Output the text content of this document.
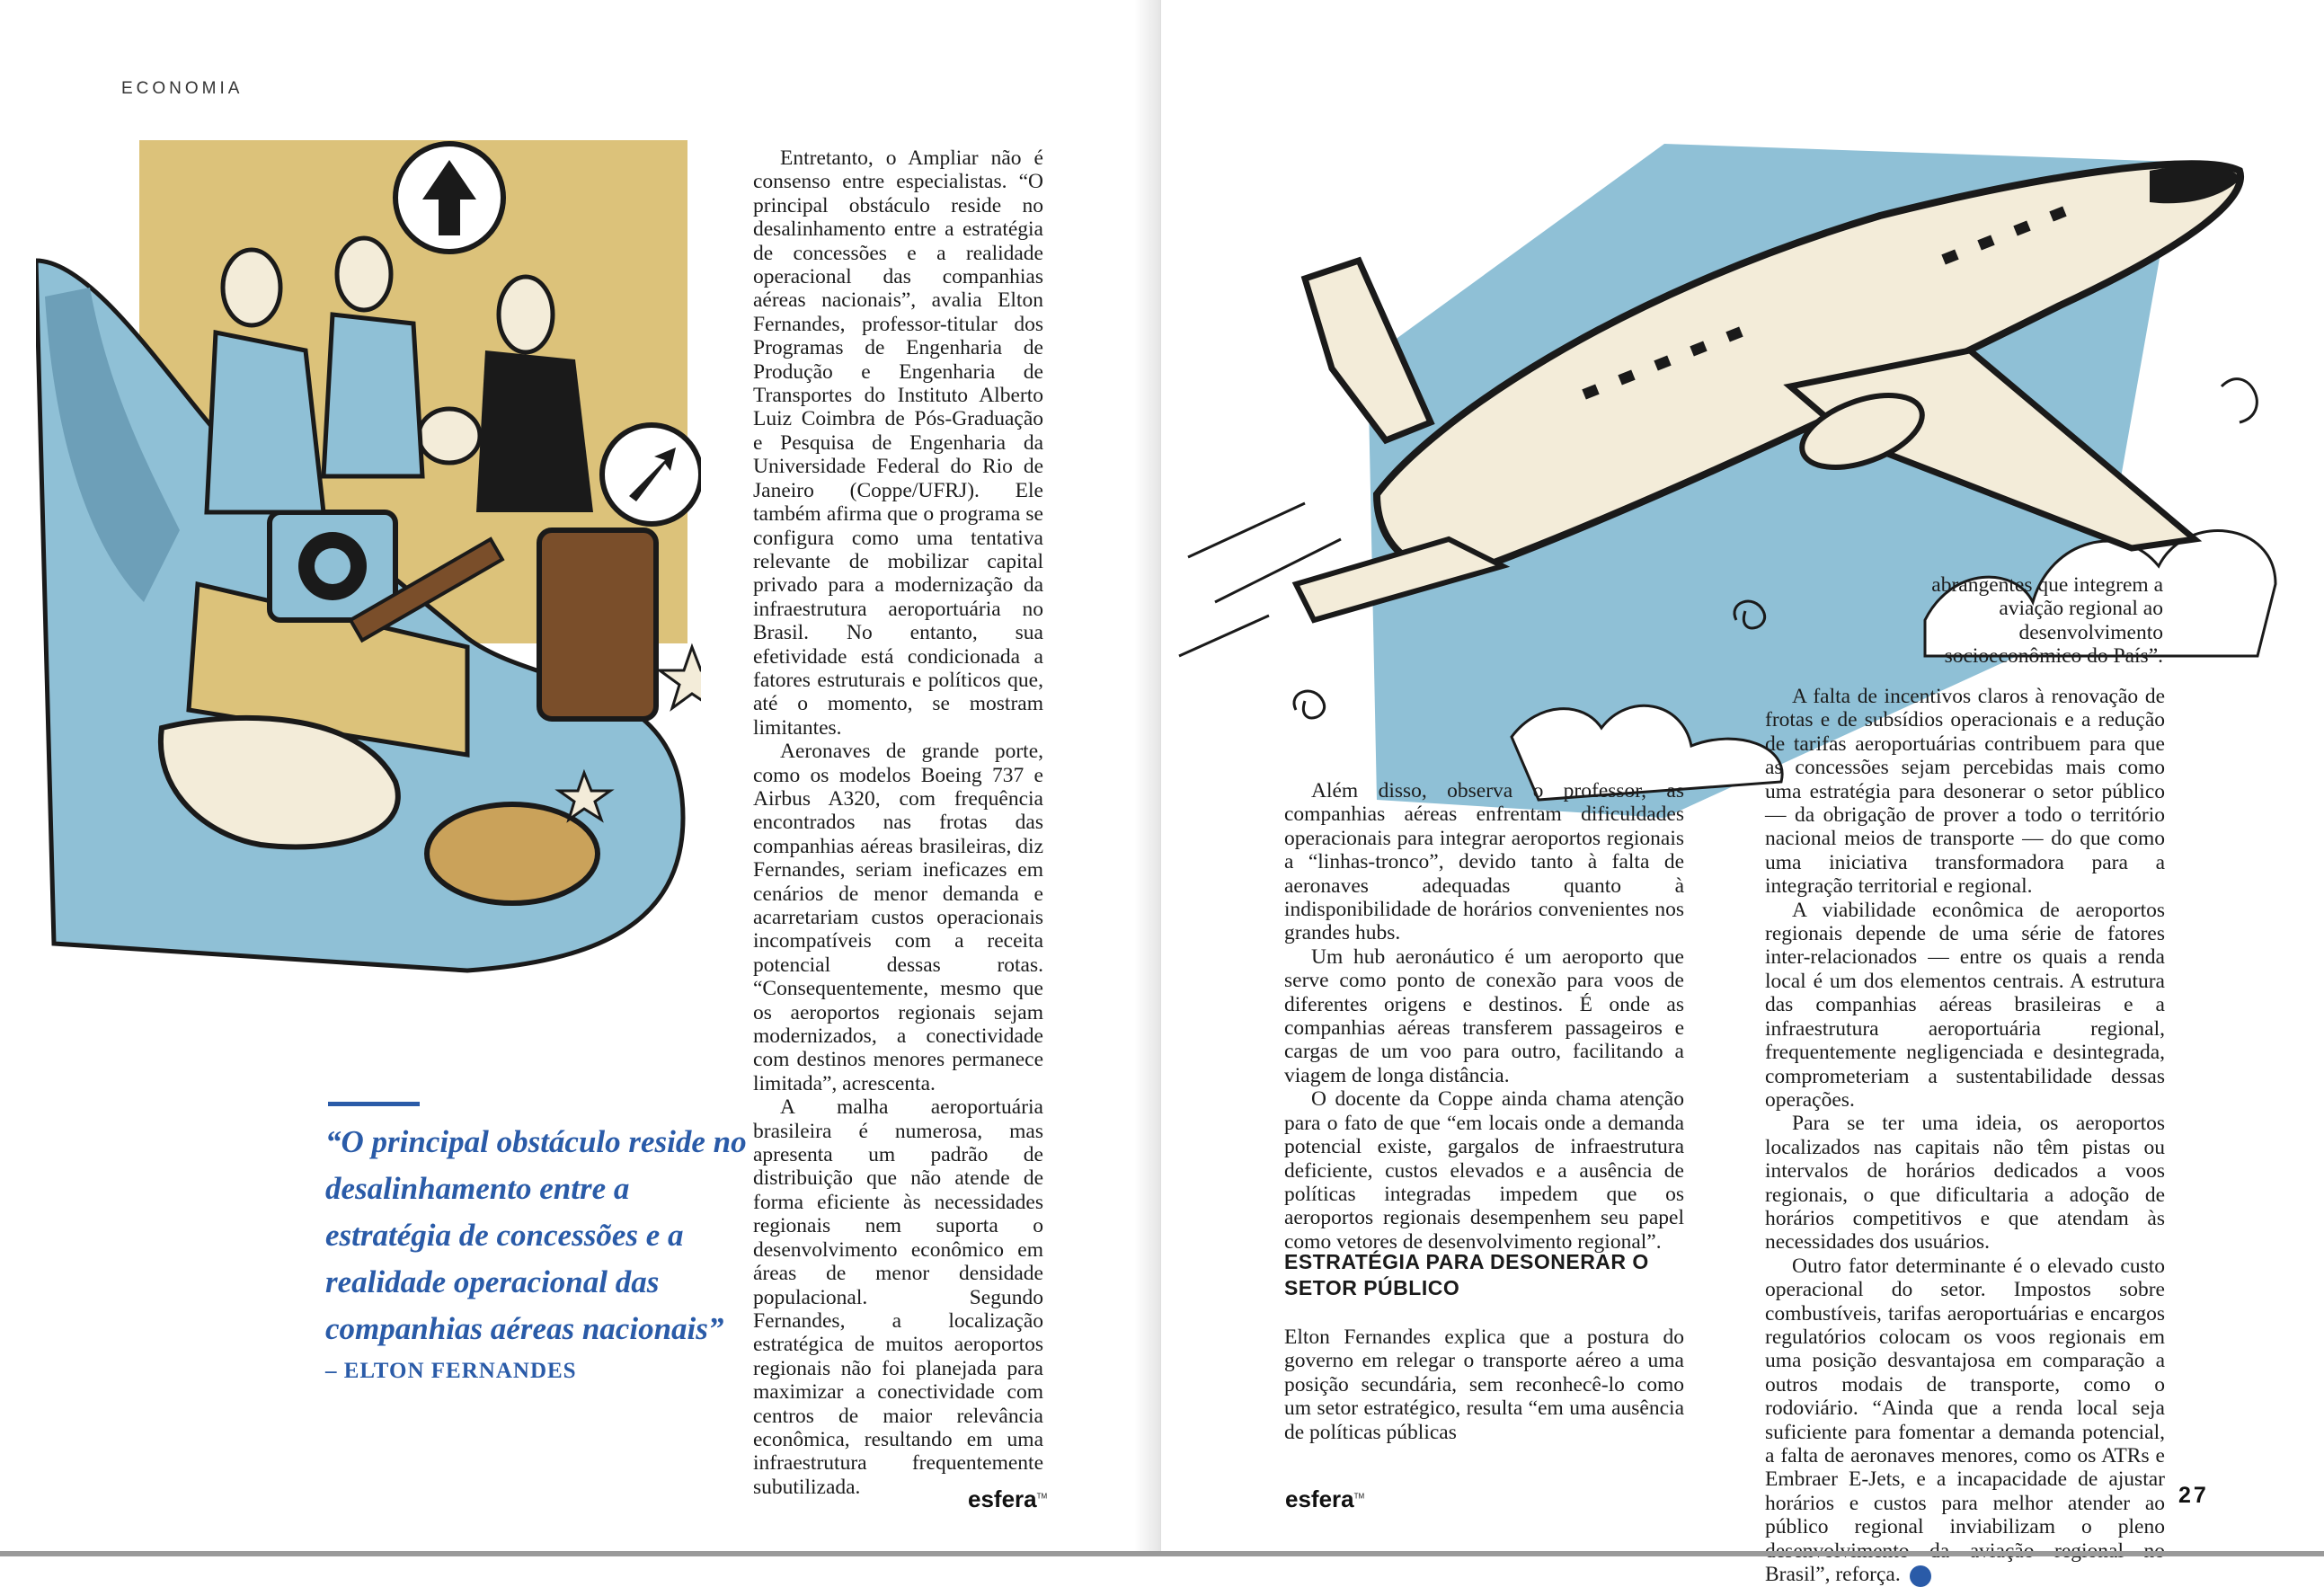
ECONOMIA

Entretanto, o Ampliar não é consenso entre especialistas. “O principal obstáculo reside no desalinhamento entre a estratégia de concessões e a realidade operacional das companhias aéreas nacionais”, avalia Elton Fernandes, professor-titular dos Programas de Engenharia de Produção e Engenharia de Transportes do Instituto Alberto Luiz Coimbra de Pós-Graduação e Pesquisa de Engenharia da Universidade Federal do Rio de Janeiro (Coppe/UFRJ). Ele também afirma que o programa se configura como uma tentativa relevante de mobilizar capital privado para a modernização da infraestrutura aeroportuária no Brasil. No entanto, sua efetividade está condicionada a fatores estruturais e políticos que, até o momento, se mostram limitantes.

Aeronaves de grande porte, como os modelos Boeing 737 e Airbus A320, com frequência encontrados nas frotas das companhias aéreas brasileiras, diz Fernandes, seriam ineficazes em cenários de menor demanda e acarretariam custos operacionais incompatíveis com a receita potencial dessas rotas. “Consequentemente, mesmo que os aeroportos regionais sejam modernizados, a conectividade com destinos menores permanece limitada”, acrescenta.

A malha aeroportuária brasileira é numerosa, mas apresenta um padrão de distribuição que não atende de forma eficiente às necessidades regionais nem suporta o desenvolvimento econômico em áreas de menor densidade populacional. Segundo Fernandes, a localização estratégica de muitos aeroportos regionais não foi planejada para maximizar a conectividade com centros de maior relevância econômica, resultando em uma infraestrutura frequentemente subutilizada.

“O principal obstáculo reside no desalinhamento entre a estratégia de concessões e a realidade operacional das companhias aéreas nacionais”
– ELTON FERNANDES
esfera™

Além disso, observa o professor, as companhias aéreas enfrentam dificuldades operacionais para integrar aeroportos regionais a “linhas-tronco”, devido tanto à falta de aeronaves adequadas quanto à indisponibilidade de horários convenientes nos grandes hubs.

Um hub aeronáutico é um aeroporto que serve como ponto de conexão para voos de diferentes origens e destinos. É onde as companhias aéreas transferem passageiros e cargas de um voo para outro, facilitando a viagem de longa distância.

O docente da Coppe ainda chama atenção para o fato de que “em locais onde a demanda potencial existe, gargalos de infraestrutura deficiente, custos elevados e a ausência de políticas integradas impedem que os aeroportos regionais desempenhem seu papel como vetores de desenvolvimento regional”.

ESTRATÉGIA PARA DESONERAR O SETOR PÚBLICO

Elton Fernandes explica que a postura do governo em relegar o transporte aéreo a uma posição secundária, sem reconhecê-lo como um setor estratégico, resulta “em uma ausência de políticas públicas

abrangentes que integrem a aviação regional ao desenvolvimento socioeconômico do País”.

A falta de incentivos claros à renovação de frotas e de subsídios operacionais e a redução de tarifas aeroportuárias contribuem para que as concessões sejam percebidas mais como uma estratégia para desonerar o setor público — da obrigação de prover a todo o território nacional meios de transporte — do que como uma iniciativa transformadora para a integração territorial e regional.

A viabilidade econômica de aeroportos regionais depende de uma série de fatores inter-relacionados — entre os quais a renda local é um dos elementos centrais. A estrutura das companhias aéreas brasileiras e a infraestrutura aeroportuária regional, frequentemente negligenciada e desintegrada, comprometeriam a sustentabilidade dessas operações.

Para se ter uma ideia, os aeroportos localizados nas capitais não têm pistas ou intervalos de horários dedicados a voos regionais, o que dificultaria a adoção de horários competitivos e que atendam às necessidades dos usuários.

Outro fator determinante é o elevado custo operacional do setor. Impostos sobre combustíveis, tarifas aeroportuárias e encargos regulatórios colocam os voos regionais em uma posição desvantajosa em comparação a outros modais de transporte, como o rodoviário. “Ainda que a renda local seja suficiente para fomentar a demanda potencial, a falta de aeronaves menores, como os ATRs e Embraer E-Jets, e a incapacidade de ajustar horários e custos para melhor atender ao público regional inviabilizam o pleno Brasil”, reforça.

esfera™	27
